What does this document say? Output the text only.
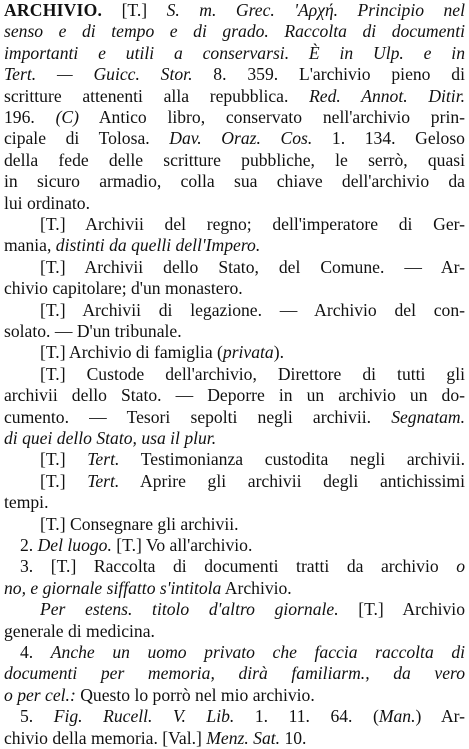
ARCHIVIO. [T.] S. m. Grec. 'Αρχή. Principio nel
senso e di tempo e di grado. Raccolta di documenti
importanti e utili a conservarsi. È in Ulp. e in
Tert. — Guicc. Stor. 8. 359. L'archivio pieno di
scritture attenenti alla repubblica. Red. Annot. Ditir.
196. (C) Antico libro, conservato nell'archivio prin-
cipale di Tolosa. Dav. Oraz. Cos. 1. 134. Geloso
della fede delle scritture pubbliche, le serrò, quasi
in sicuro armadio, colla sua chiave dell'archivio da
lui ordinato.
[T.] Archivii del regno; dell'imperatore di Ger-
mania, distinti da quelli dell'Impero.
[T.] Archivii dello Stato, del Comune. — Ar-
chivio capitolare; d'un monastero.
[T.] Archivii di legazione. — Archivio del con-
solato. — D'un tribunale.
[T.] Archivio di famiglia (privata).
[T.] Custode dell'archivio, Direttore di tutti gli
archivii dello Stato. — Deporre in un archivio un do-
cumento. — Tesori sepolti negli archivii. Segnatam.
di quei dello Stato, usa il plur.
[T.] Tert. Testimonianza custodita negli archivii.
[T.] Tert. Aprire gli archivii degli antichissimi
tempi.
[T.] Consegnare gli archivii.
2. Del luogo. [T.] Vo all'archivio.
3. [T.] Raccolta di documenti tratti da archivio o
no, e giornale siffatto s'intitola Archivio.
Per estens. titolo d'altro giornale. [T.] Archivio
generale di medicina.
4. Anche un uomo privato che faccia raccolta di
documenti per memoria, dirà familiarm., da vero
o per cel.: Questo lo porrò nel mio archivio.
5. Fig. Rucell. V. Lib. 1. 11. 64. (Man.) Ar-
chivio della memoria. [Val.] Menz. Sat. 10.
